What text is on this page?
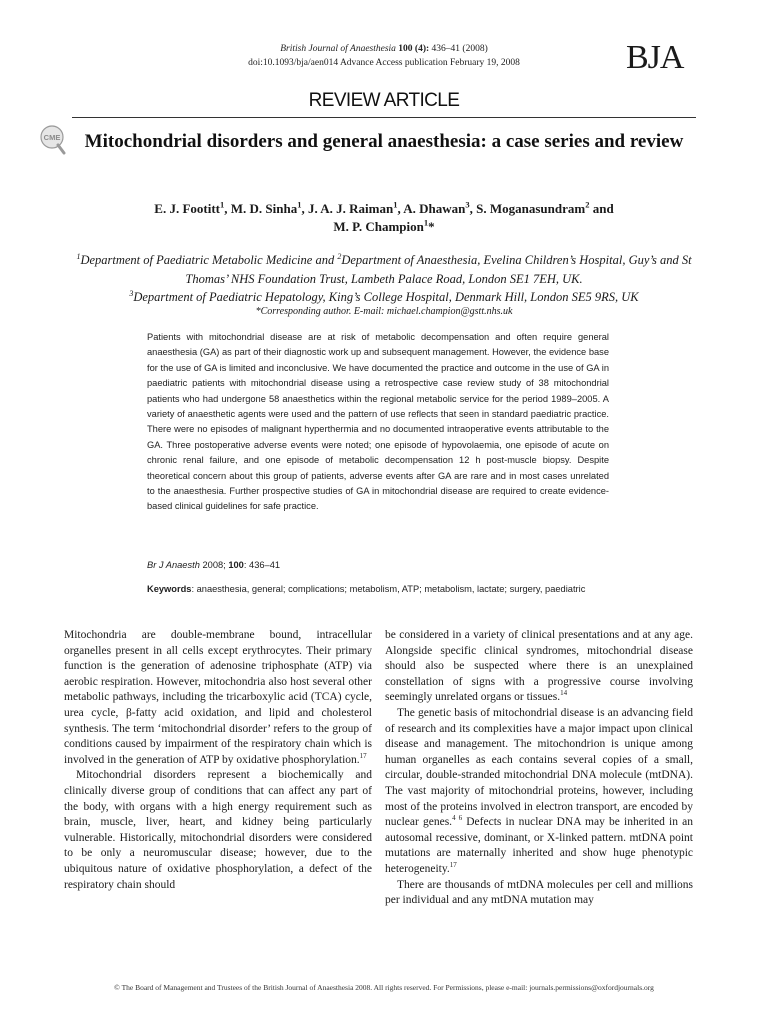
British Journal of Anaesthesia 100 (4): 436–41 (2008)
doi:10.1093/bja/aen014 Advance Access publication February 19, 2008	BJA
REVIEW ARTICLE
CME Mitochondrial disorders and general anaesthesia: a case series and review
E. J. Footitt$^1$, M. D. Sinha$^1$, J. A. J. Raiman$^1$, A. Dhawan$^3$, S. Moganasundram$^2$ and
M. P. Champion$^1$*
$^1$Department of Paediatric Metabolic Medicine and $^2$Department of Anaesthesia, Evelina Children’s Hospital, Guy’s and St Thomas’ NHS Foundation Trust, Lambeth Palace Road, London SE1 7EH, UK.
$^3$Department of Paediatric Hepatology, King’s College Hospital, Denmark Hill, London SE5 9RS, UK
*Corresponding author. E-mail: michael.champion@gstt.nhs.uk
Patients with mitochondrial disease are at risk of metabolic decompensation and often require general anaesthesia (GA) as part of their diagnostic work up and subsequent management. However, the evidence base for the use of GA is limited and inconclusive. We have documented the practice and outcome in the use of GA in paediatric patients with mitochondrial disease using a retrospective case review study of 38 mitochondrial patients who had undergone 58 anaesthetics within the regional metabolic service for the period 1989–2005. A variety of anaesthetic agents were used and the pattern of use reflects that seen in standard paediatric practice. There were no episodes of malignant hyperthermia and no documented intraoperative events attributable to the GA. Three postoperative adverse events were noted; one episode of hypovolaemia, one episode of acute on chronic renal failure, and one episode of metabolic decompensation 12 h post-muscle biopsy. Despite theoretical concern about this group of patients, adverse events after GA are rare and in most cases unrelated to the anaesthesia. Further prospective studies of GA in mitochondrial disease are required to create evidence-based clinical guidelines for safe practice.
Br J Anaesth 2008; 100: 436–41
Keywords: anaesthesia, general; complications; metabolism, ATP; metabolism, lactate; surgery, paediatric

Mitochondria are double-membrane bound, intracellular organelles present in all cells except erythrocytes. Their primary function is the generation of adenosine triphosphate (ATP) via aerobic respiration. However, mitochondria also host several other metabolic pathways, including the tricarboxylic acid (TCA) cycle, urea cycle, β-fatty acid oxidation, and lipid and cholesterol synthesis. The term ‘mitochondrial disorder’ refers to the group of conditions caused by impairment of the respiratory chain which is involved in the generation of ATP by oxidative phosphorylation.$^{17}$

Mitochondrial disorders represent a biochemically and clinically diverse group of conditions that can affect any part of the body, with organs with a high energy requirement such as brain, muscle, liver, heart, and kidney being particularly vulnerable. Historically, mitochondrial disorders were considered to be only a neuromuscular disease; however, due to the ubiquitous nature of oxidative phosphorylation, a defect of the respiratory chain should

be considered in a variety of clinical presentations and at any age. Alongside specific clinical syndromes, mitochondrial disease should also be suspected where there is an unexplained constellation of signs with a progressive course involving seemingly unrelated organs or tissues.$^{14}$

The genetic basis of mitochondrial disease is an advancing field of research and its complexities have a major impact upon clinical disease and management. The mitochondrion is unique among human organelles as each contains several copies of a small, circular, double-stranded mitochondrial DNA molecule (mtDNA). The vast majority of mitochondrial proteins, however, including most of the proteins involved in electron transport, are encoded by nuclear genes.$^{4 6}$ Defects in nuclear DNA may be inherited in an autosomal recessive, dominant, or X-linked pattern. mtDNA point mutations are maternally inherited and show huge phenotypic heterogeneity.$^{17}$

There are thousands of mtDNA molecules per cell and millions per individual and any mtDNA mutation may

© The Board of Management and Trustees of the British Journal of Anaesthesia 2008. All rights reserved. For Permissions, please e-mail: journals.permissions@oxfordjournals.org
